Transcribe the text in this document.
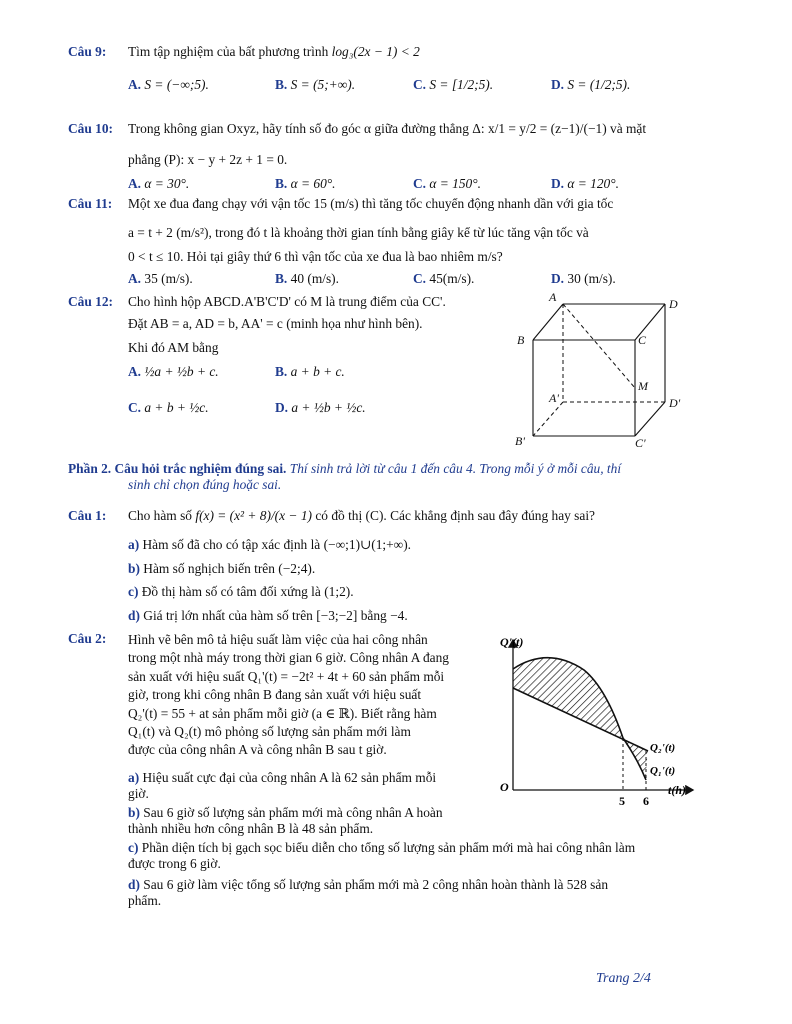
Câu 9: Tìm tập nghiệm của bất phương trình log₃(2x − 1) < 2
A. S = (−∞;5).	B. S = (5;+∞).	C. S = [1/2;5).	D. S = (1/2;5).
Câu 10: Trong không gian Oxyz, hãy tính số đo góc α giữa đường thẳng Δ: x/1 = y/2 = (z−1)/(−1) và mặt
phẳng (P): x − y + 2z + 1 = 0.
A. α = 30°.	B. α = 60°.	C. α = 150°.	D. α = 120°.
Câu 11: Một xe đua đang chạy với vận tốc 15 (m/s) thì tăng tốc chuyển động nhanh dần với gia tốc
a = t + 2 (m/s²), trong đó t là khoảng thời gian tính bằng giây kể từ lúc tăng vận tốc và
0 < t ≤ 10. Hỏi tại giây thứ 6 thì vận tốc của xe đua là bao nhiêm m/s?
A. 35 (m/s).	B. 40 (m/s).	C. 45(m/s).	D. 30 (m/s).
Câu 12: Cho hình hộp ABCD.A'B'C'D' có M là trung điểm của CC'.
Đặt AB = a, AD = b, AA' = c (minh họa như hình bên).
Khi đó AM bằng
A. ½a + ½b + c.	B. a + b + c.
C. a + b + ½c.	D. a + ½b + ½c.
A	D
B	C
M
A'	D'
B'	C'
Phần 2. Câu hỏi trắc nghiệm đúng sai. Thí sinh trả lời từ câu 1 đến câu 4. Trong mỗi ý ở mỗi câu, thí
sinh chỉ chọn đúng hoặc sai.
Câu 1: Cho hàm số f(x) = (x² + 8)/(x − 1) có đồ thị (C). Các khẳng định sau đây đúng hay sai?
a) Hàm số đã cho có tập xác định là (−∞;1)∪(1;+∞).
b) Hàm số nghịch biến trên (−2;4).
c) Đồ thị hàm số có tâm đối xứng là (1;2).
d) Giá trị lớn nhất của hàm số trên [−3;−2] bằng −4.
Câu 2: Hình vẽ bên mô tả hiệu suất làm việc của hai công nhân
trong một nhà máy trong thời gian 6 giờ. Công nhân A đang
sản xuất với hiệu suất Q₁'(t) = −2t² + 4t + 60 sản phẩm mỗi
giờ, trong khi công nhân B đang sản xuất với hiệu suất
Q₂'(t) = 55 + at sản phẩm mỗi giờ (a ∈ ℝ). Biết rằng hàm
Q₁(t) và Q₂(t) mô phỏng số lượng sản phẩm mới làm
được của công nhân A và công nhân B sau t giờ.
a) Hiệu suất cực đại của công nhân A là 62 sản phẩm mỗi
giờ.
b) Sau 6 giờ số lượng sản phẩm mới mà công nhân A hoàn
thành nhiều hơn công nhân B là 48 sản phẩm.
c) Phần diện tích bị gạch sọc biểu diễn cho tổng số lượng sản phẩm mới mà hai công nhân làm
được trong 6 giờ.
d) Sau 6 giờ làm việc tổng số lượng sản phẩm mới mà 2 công nhân hoàn thành là 528 sản
phẩm.
Q'(t)
t(h)
O
5 6
Q₂'(t)
Q₁'(t)
Trang 2/4
